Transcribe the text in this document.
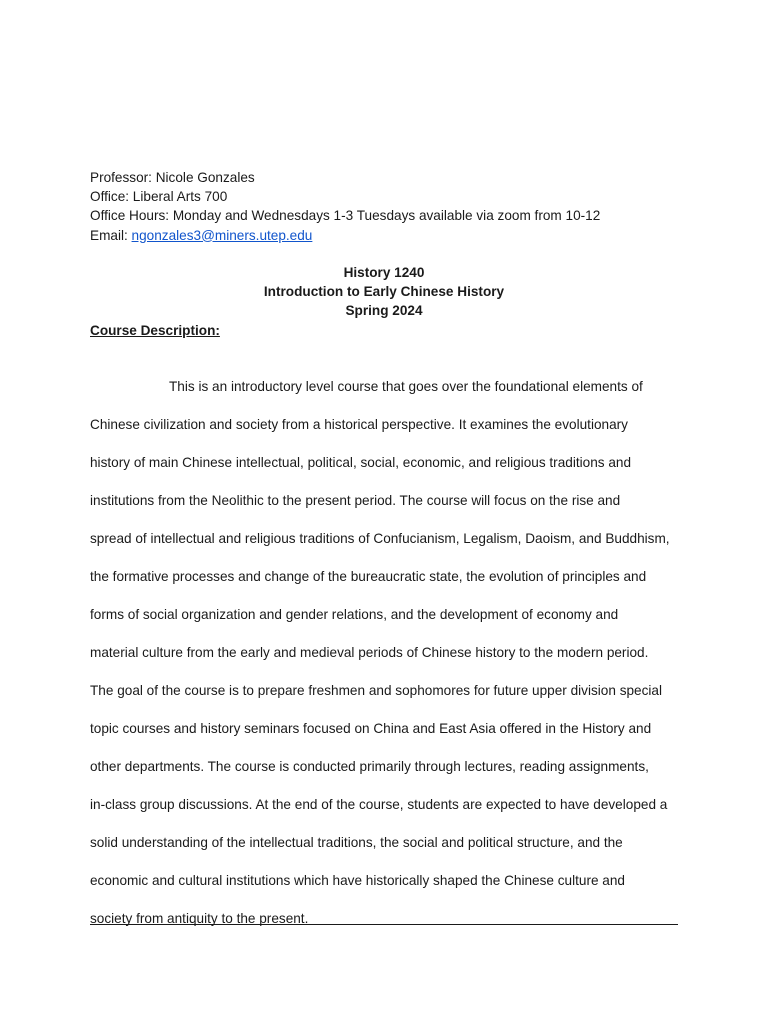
Professor: Nicole Gonzales
Office: Liberal Arts 700
Office Hours: Monday and Wednesdays 1-3 Tuesdays available via zoom from 10-12
Email: ngonzales3@miners.utep.edu
History 1240
Introduction to Early Chinese History
Spring 2024
Course Description:
This is an introductory level course that goes over the foundational elements of
Chinese civilization and society from a historical perspective. It examines the evolutionary
history of main Chinese intellectual, political, social, economic, and religious traditions and
institutions from the Neolithic to the present period. The course will focus on the rise and
spread of intellectual and religious traditions of Confucianism, Legalism, Daoism, and Buddhism,
the formative processes and change of the bureaucratic state, the evolution of principles and
forms of social organization and gender relations, and the development of economy and
material culture from the early and medieval periods of Chinese history to the modern period.
The goal of the course is to prepare freshmen and sophomores for future upper division special
topic courses and history seminars focused on China and East Asia offered in the History and
other departments. The course is conducted primarily through lectures, reading assignments,
in-class group discussions. At the end of the course, students are expected to have developed a
solid understanding of the intellectual traditions, the social and political structure, and the
economic and cultural institutions which have historically shaped the Chinese culture and
society from antiquity to the present.
